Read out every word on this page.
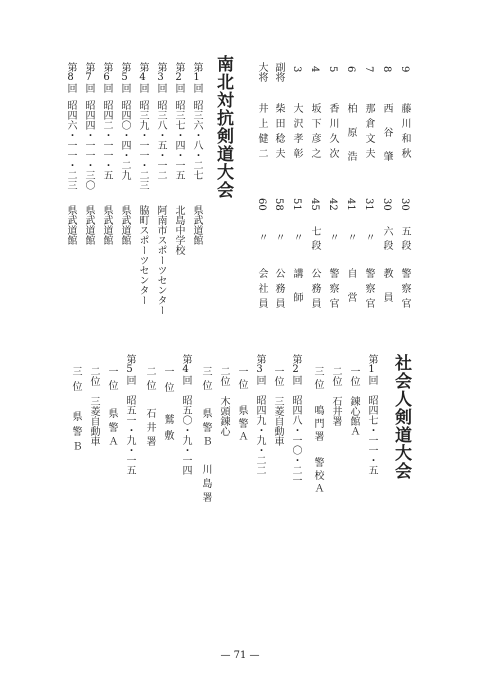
南北対抗剣道大会 大将
井上健二
60
〃
会社員
副将
柴田稔夫
58
〃
公務員
3
大沢孝彰
51
〃
講師
4
坂下彦之
45
七段
公務員
5
香川久次
42
〃
警察官
6
柏原浩
41
〃
自営
7
那倉文夫
31
〃
警察官
8
西谷肇
30
六段
教員
9
藤川和秋
30
五段
警察官
第1回
昭三六・八・二七
県武道館
第2回
昭三七・四・一五
北島中学校
第3回
昭三八・五・一二
阿南市スポーツセンター
第4回
昭三九・一一・二三
脇町スポーツセンター
第5回
昭四〇・四・二九
県武道館
第6回
昭四二・一一・五
県武道館
第7回
昭四四・一一・三〇
県武道館
第8回
昭四六・一一・二三
県武道館
社会人剣道大会
第1回　昭四七・一一・五
一位　錬心館Ａ
二位　石井署
三位　鳴門署　警校Ａ
第2回　昭四八・一〇・二一
一位　三菱自動車
第3回　昭四九・九・二二
一位　県警Ａ
二位　木頭錬心
三位　県警Ｂ　川島署
第4回　昭五〇・九・一四
一位　鷲敷
二位　石井署
第5回　昭五一・九・一五
一位　県警Ａ
二位　三菱自動車
三位　県警Ｂ
— 71 —
